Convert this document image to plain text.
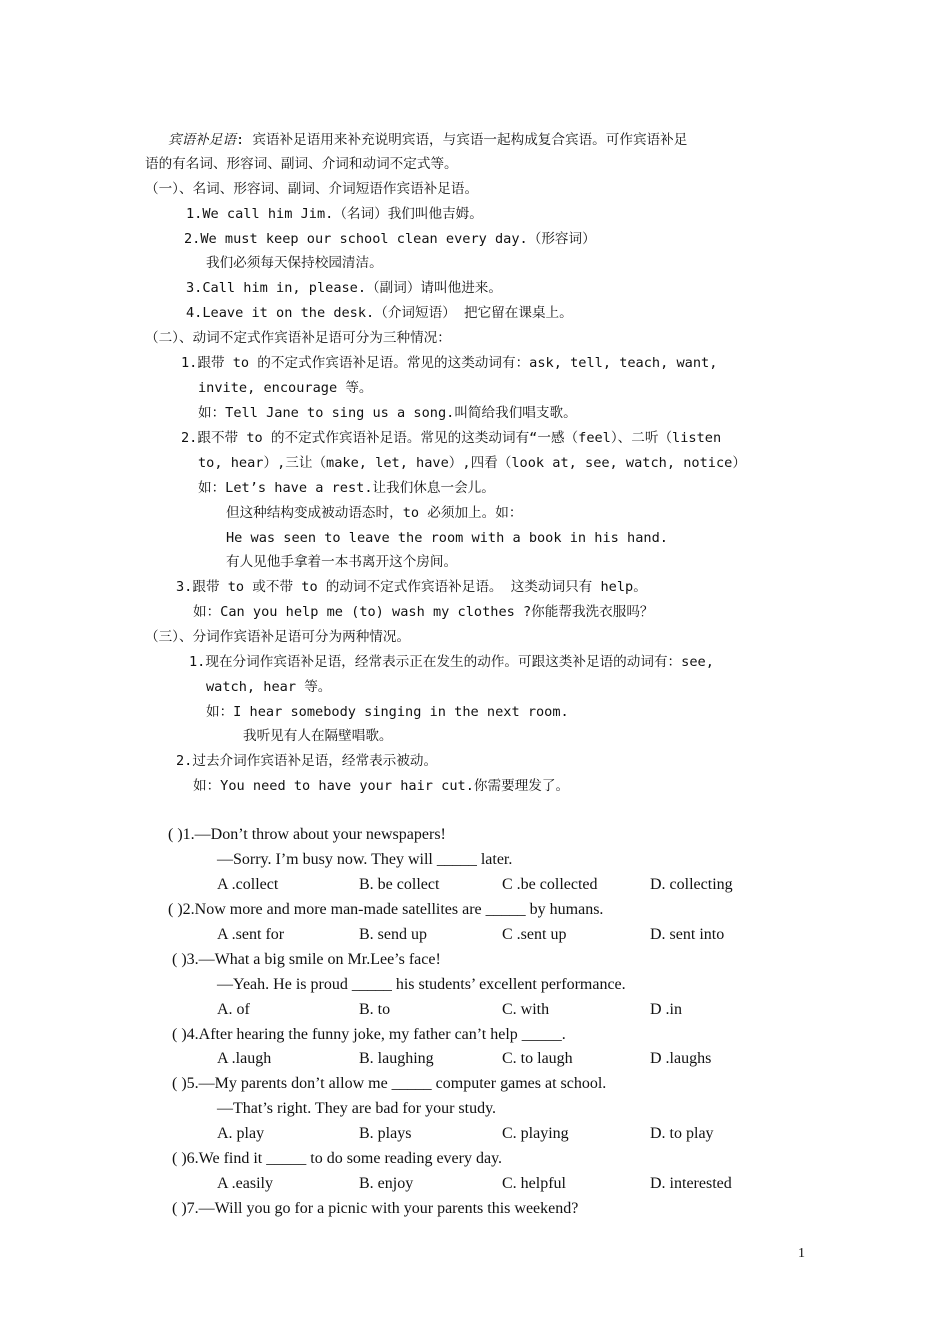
宾语补足语: 宾语补足语用来补充说明宾语，与宾语一起构成复合宾语。可作宾语补足
语的有名词、形容词、副词、介词和动词不定式等。
（一）、名词、形容词、副词、介词短语作宾语补足语。
1.We call him Jim.（名词）我们叫他吉姆。
2.We must keep our school clean every day.（形容词）
我们必须每天保持校园清洁。
3.Call him in, please.（副词）请叫他进来。
4.Leave it on the desk.（介词短语） 把它留在课桌上。
（二）、动词不定式作宾语补足语可分为三种情况：
1.跟带 to 的不定式作宾语补足语。常见的这类动词有：ask, tell, teach, want,
invite, encourage 等。
如：Tell Jane to sing us a song.叫简给我们唱支歌。
2.跟不带 to 的不定式作宾语补足语。常见的这类动词有“一感（feel）、二听（listen
to, hear）,三让（make, let, have）,四看（look at, see, watch, notice）
如：Let’s have a rest.让我们休息一会儿。
但这种结构变成被动语态时，to 必须加上。如：
He was seen to leave the room with a book in his hand.
有人见他手拿着一本书离开这个房间。
3.跟带 to 或不带 to 的动词不定式作宾语补足语。 这类动词只有 help。
如：Can you help me (to) wash my clothes ?你能帮我洗衣服吗？
（三）、分词作宾语补足语可分为两种情况。
1.现在分词作宾语补足语，经常表示正在发生的动作。可跟这类补足语的动词有：see,
watch, hear 等。
如：I hear somebody singing in the next room.
我听见有人在隔壁唱歌。
2.过去介词作宾语补足语，经常表示被动。
如：You need to have your hair cut.你需要理发了。
( )1.—Don’t throw about your newspapers!
—Sorry. I’m busy now. They will _____ later.
A .collect	B. be collect	C .be collected	D. collecting
( )2.Now more and more man-made satellites are _____ by humans.
A .sent for	B. send up	C .sent up	D. sent into
( )3.—What a big smile on Mr.Lee’s face!
—Yeah. He is proud _____ his students’ excellent performance.
A. of	B. to	C. with	D .in
( )4.After hearing the funny joke, my father can’t help _____.
A .laugh	B. laughing	C. to laugh	D .laughs
( )5.—My parents don’t allow me _____ computer games at school.
—That’s right. They are bad for your study.
A. play	B. plays	C. playing	D. to play
( )6.We find it _____ to do some reading every day.
A .easily	B. enjoy	C. helpful	D. interested
( )7.—Will you go for a picnic with your parents this weekend?
1
